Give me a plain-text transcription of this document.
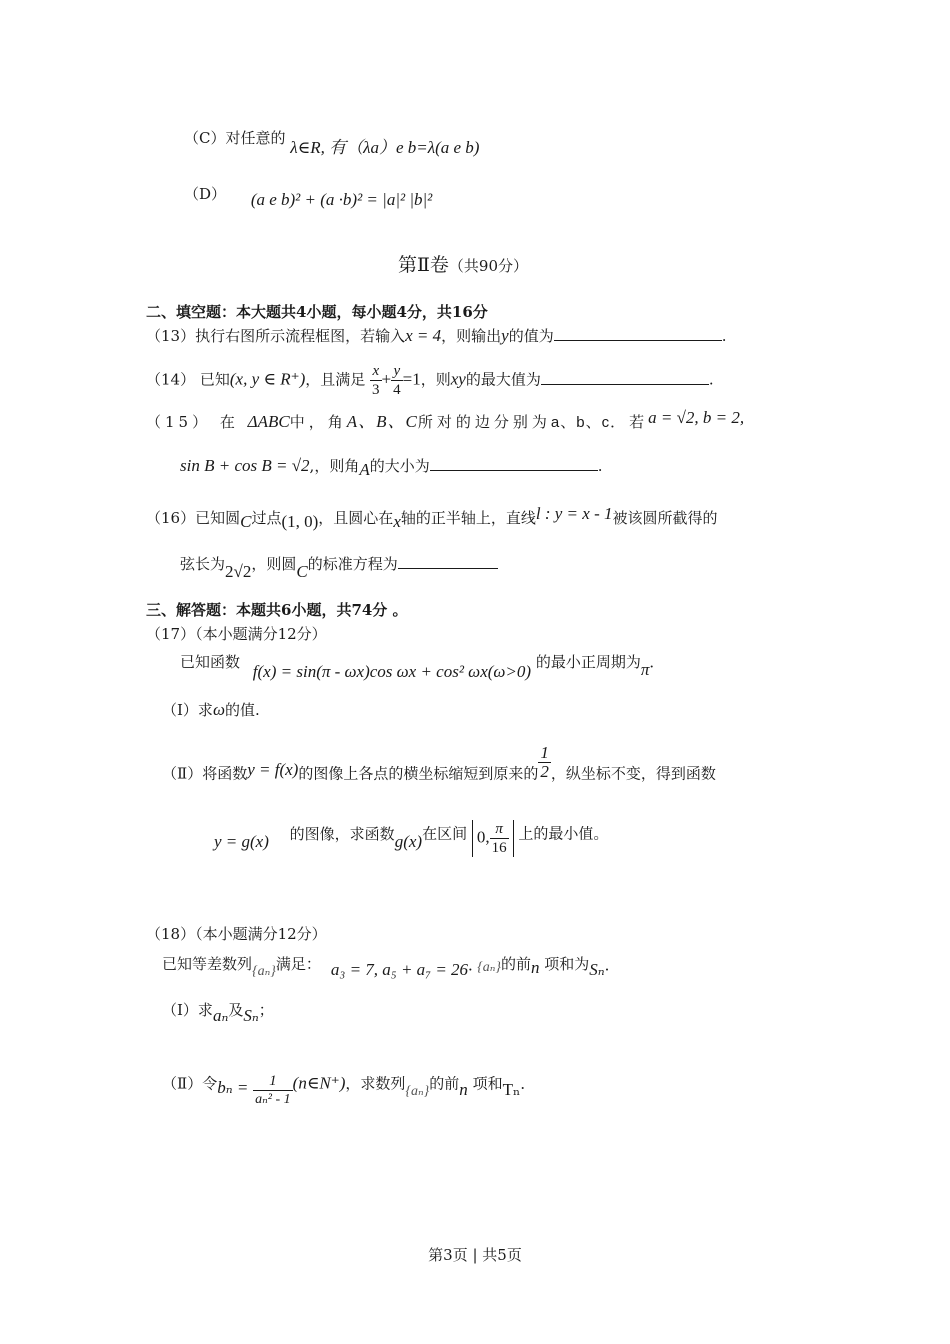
（C）对任意的 λ∈R, 有（λa）e b=λ(a e b)
（D） (a e b)² + (a ·b)² = |a|² |b|²
第Ⅱ卷（共90分）
二、填空题：本大题共4小题，每小题4分，共16分
（13）执行右图所示流程框图，若输入x = 4，则输出y的值为	.
（14） 已知(x, y ∈ R⁺)，且满足 $\frac{x}{3} + \frac{y}{4} =1$，则xy的最大值为	.
（15） 在 ΔABC中，角A、B、C所对的边分别为a、b、c．若a = √2, b = 2,
sin B + cos B = √2,，则角A的大小为	.
（16）已知圆C过点(1, 0)，且圆心在x轴的正半轴上，直线l : y = x - 1被该圆所截得的
弦长为2√2，则圆C的标准方程为
三、解答题：本题共6小题，共74分 。
（17）（本小题满分12分）
已知函数 f(x) = sin(π - ωx)cos ωx + cos² ωx(ω>0) 的最小正周期为π．
（Ⅰ）求ω的值.
（Ⅱ）将函数y = f(x)的图像上各点的横坐标缩短到原来的 $\frac{1}{2}$ ，纵坐标不变，得到函数
y = g(x) 的图像，求函数g(x)在区间 0, $\frac{\pi}{16}$ 上的最小值。
（18）（本小题满分12分）
已知等差数列{aₙ}满足： a₃ = 7, a₅ + a₇ = 26· {aₙ}的前n 项和为Sₙ·
（Ⅰ）求aₙ及Sₙ；
（Ⅱ）令$b_n = \frac{1}{\text{aₙ² - 1}}$ (n∈N⁺)，求数列{aₙ}的前n 项和Tₙ．
第3页 | 共5页
